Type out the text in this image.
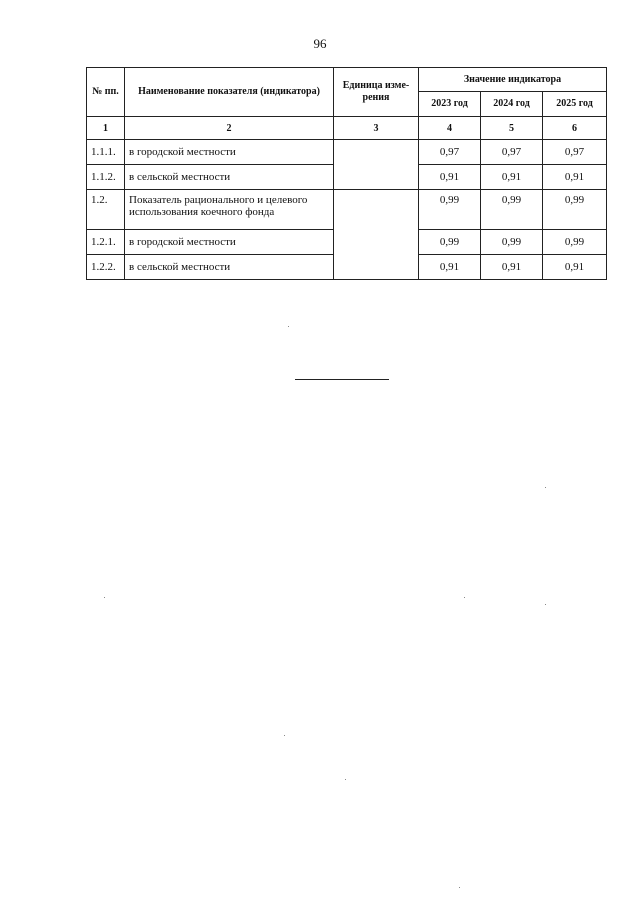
96
№ пп.	Наименование показателя (индикатора)	Единица изме-рения	Значение индикатора		
			2023 год	2024 год	2025 год
1	2	3	4	5	6
1.1.1.	в городской местности		0,97	0,97	0,97
1.1.2.	в сельской местности		0,91	0,91	0,91
1.2.	Показатель рационального и целевого использования коечного фонда		0,99	0,99	0,99
1.2.1.	в городской местности		0,99	0,99	0,99
1.2.2.	в сельской местности		0,91	0,91	0,91
